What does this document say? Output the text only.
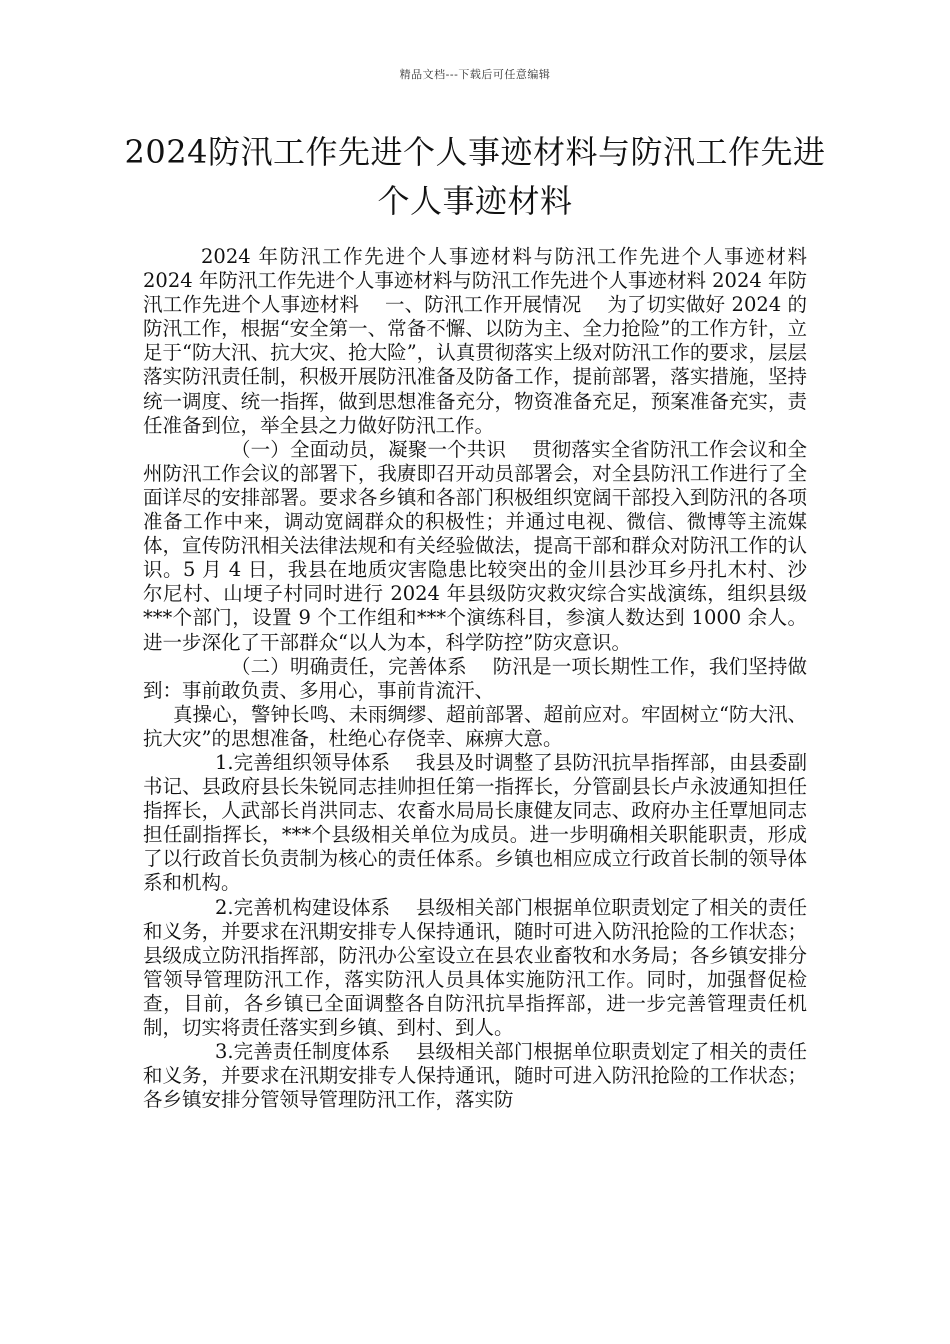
精品文档---下载后可任意编辑
2024防汛工作先进个人事迹材料与防汛工作先进个人事迹材料

2024 年防汛工作先进个人事迹材料与防汛工作先进个人事迹材料　 2024 年防汛工作先进个人事迹材料与防汛工作先进个人事迹材料 2024 年防汛工作先进个人事迹材料　 一、防汛工作开展情况　 为了切实做好 2024 的防汛工作，根据“安全第一、常备不懈、以防为主、全力抢险”的工作方针，立足于“防大汛、抗大灾、抢大险”，认真贯彻落实上级对防汛工作的要求，层层落实防汛责任制，积极开展防汛准备及防备工作，提前部署，落实措施，坚持统一调度、统一指挥，做到思想准备充分，物资准备充足，预案准备充实，责任准备到位，举全县之力做好防汛工作。

（一）全面动员，凝聚一个共识　 贯彻落实全省防汛工作会议和全州防汛工作会议的部署下，我赓即召开动员部署会，对全县防汛工作进行了全面详尽的安排部署。要求各乡镇和各部门积极组织宽阔干部投入到防汛的各项准备工作中来，调动宽阔群众的积极性；并通过电视、微信、微博等主流媒体，宣传防汛相关法律法规和有关经验做法，提高干部和群众对防汛工作的认识。5 月 4 日，我县在地质灾害隐患比较突出的金川县沙耳乡丹扎木村、沙尔尼村、山埂子村同时进行 2024 年县级防灾救灾综合实战演练，组织县级***个部门，设置 9 个工作组和***个演练科目，参演人数达到 1000 余人。进一步深化了干部群众“以人为本，科学防控”防灾意识。

（二）明确责任，完善体系　 防汛是一项长期性工作，我们坚持做到：事前敢负责、多用心，事前肯流汗、

真操心，警钟长鸣、未雨绸缪、超前部署、超前应对。牢固树立“防大汛、抗大灾”的思想准备，杜绝心存侥幸、麻痹大意。

1.完善组织领导体系　 我县及时调整了县防汛抗旱指挥部，由县委副书记、县政府县长朱锐同志挂帅担任第一指挥长，分管副县长卢永波通知担任指挥长，人武部长肖洪同志、农畜水局局长康健友同志、政府办主任覃旭同志担任副指挥长，***个县级相关单位为成员。进一步明确相关职能职责，形成了以行政首长负责制为核心的责任体系。乡镇也相应成立行政首长制的领导体系和机构。

2.完善机构建设体系　 县级相关部门根据单位职责划定了相关的责任和义务，并要求在汛期安排专人保持通讯，随时可进入防汛抢险的工作状态；县级成立防汛指挥部，防汛办公室设立在县农业畜牧和水务局；各乡镇安排分管领导管理防汛工作，落实防汛人员具体实施防汛工作。同时，加强督促检查，目前，各乡镇已全面调整各自防汛抗旱指挥部，进一步完善管理责任机制，切实将责任落实到乡镇、到村、到人。

3.完善责任制度体系　 县级相关部门根据单位职责划定了相关的责任和义务，并要求在汛期安排专人保持通讯，随时可进入防汛抢险的工作状态；各乡镇安排分管领导管理防汛工作，落实防
